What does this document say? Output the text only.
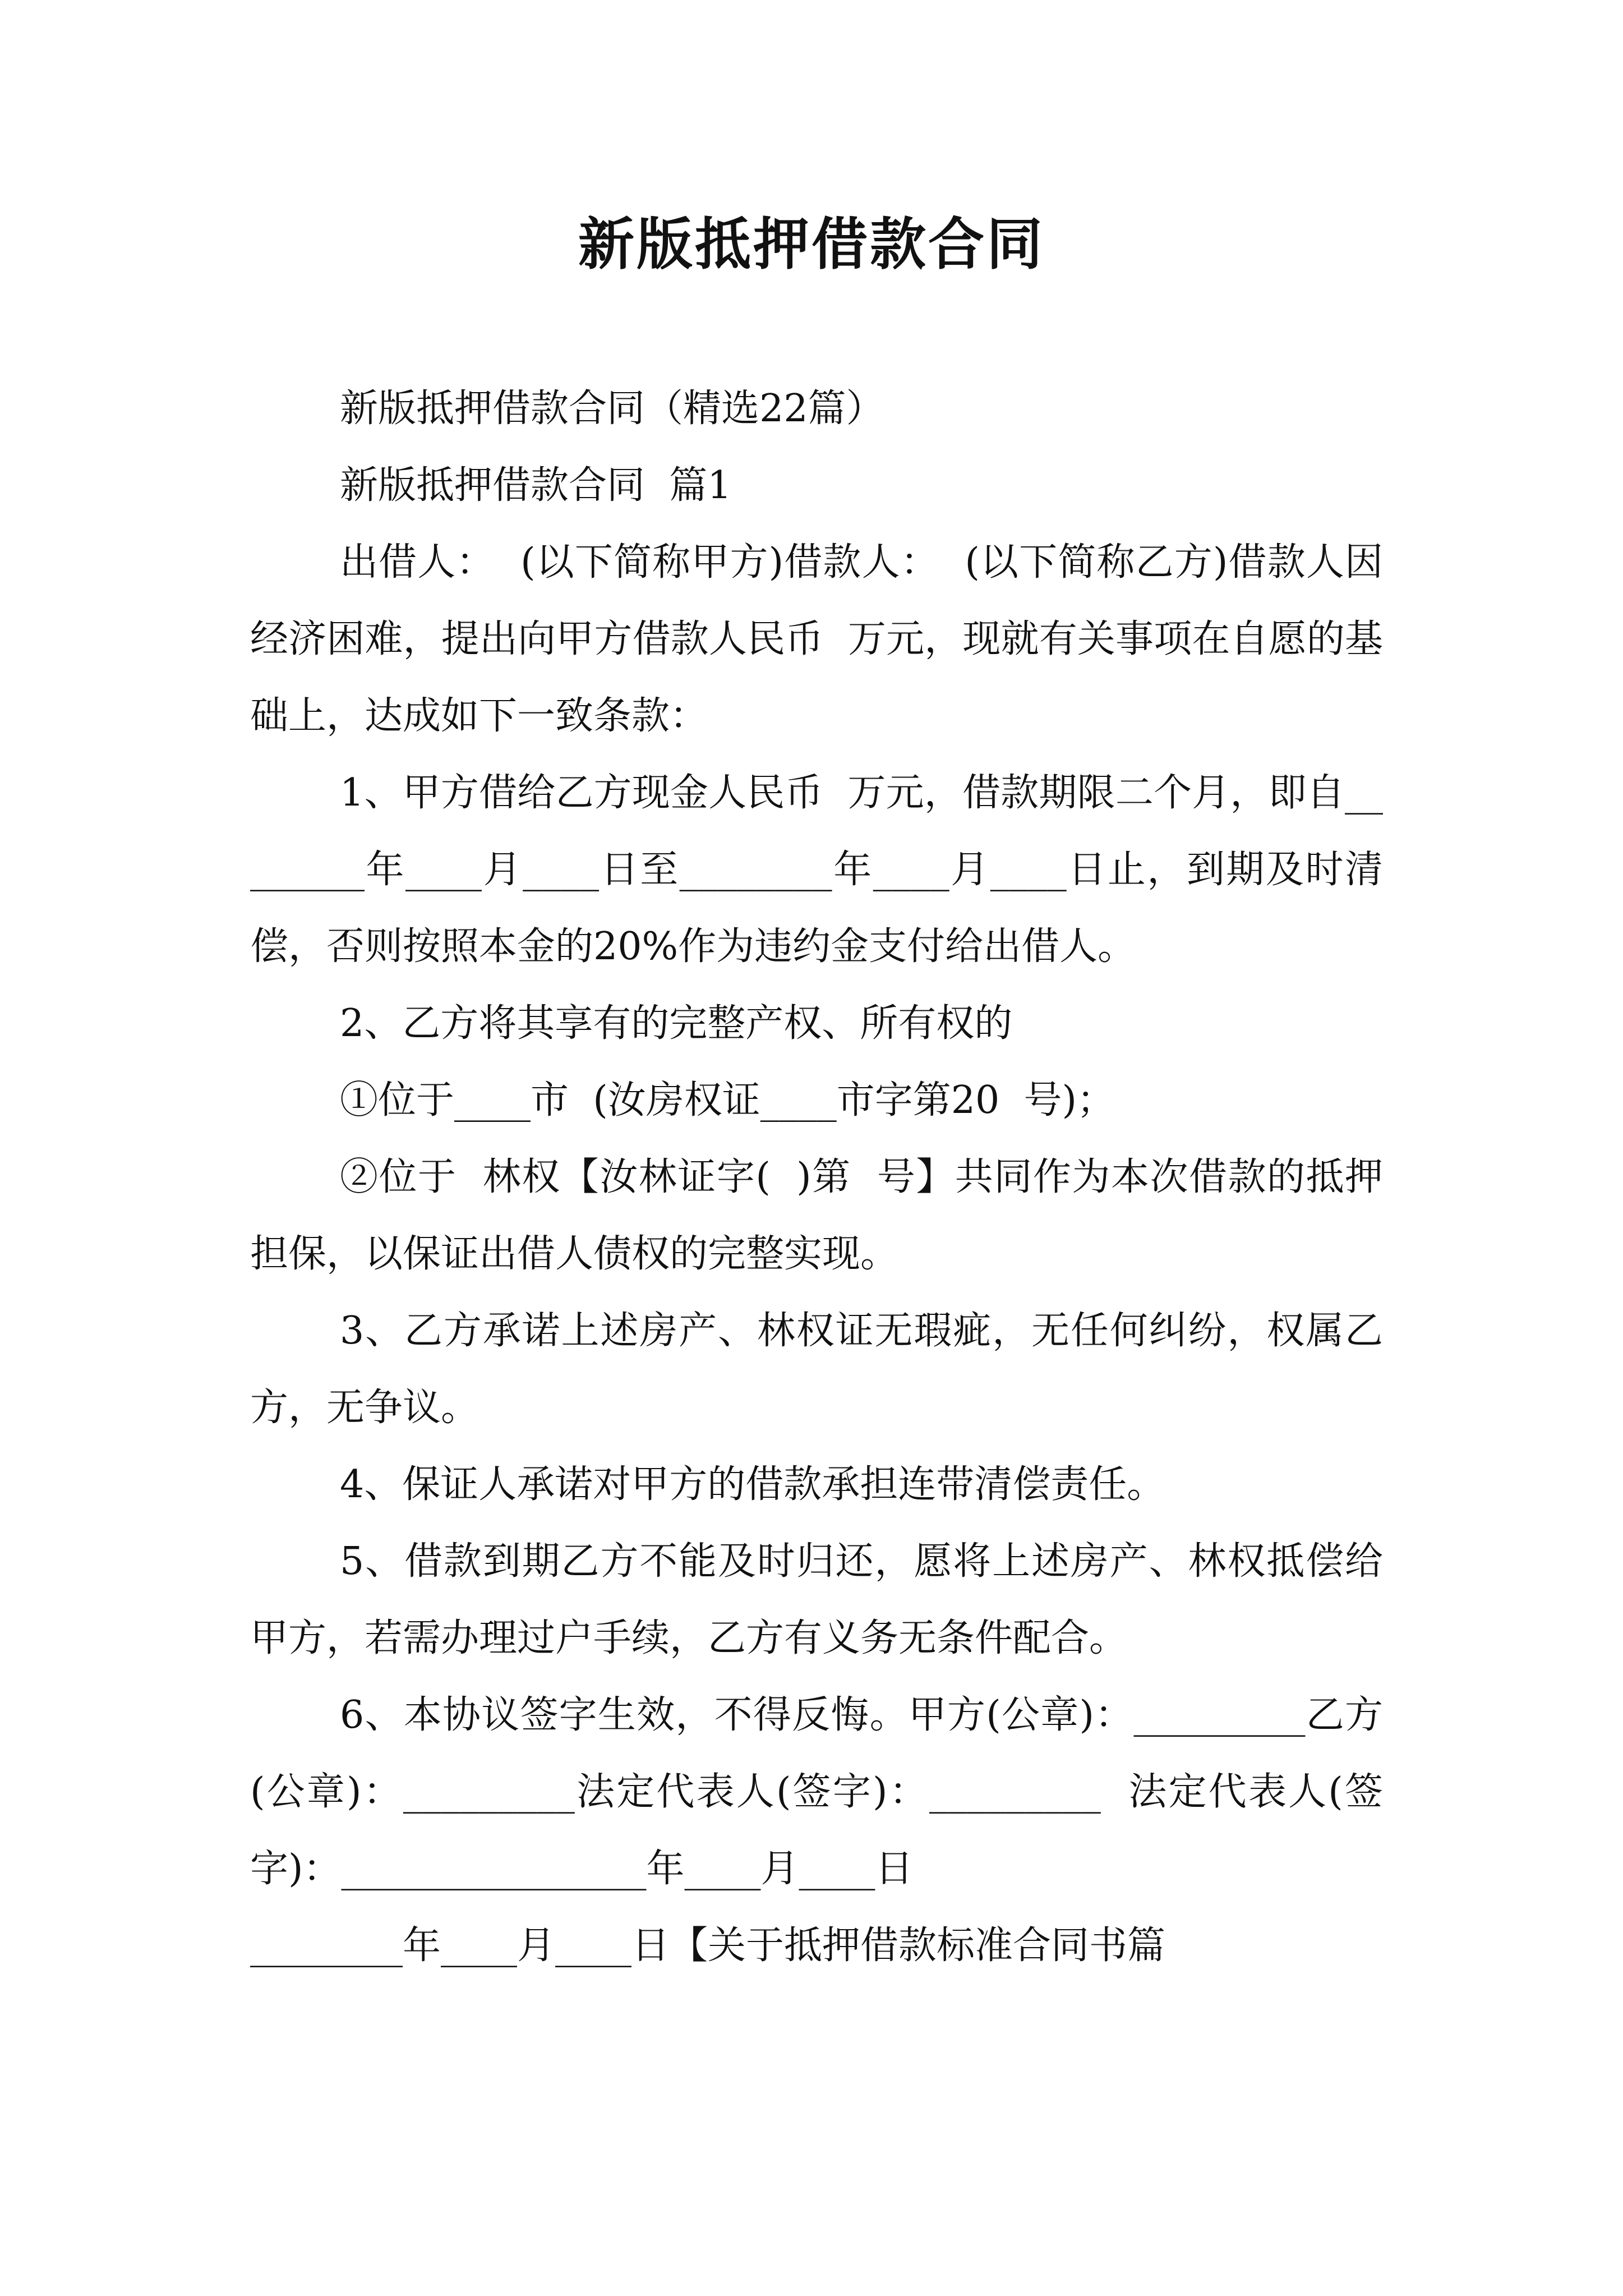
新版抵押借款合同

新版抵押借款合同（精选22篇）

新版抵押借款合同  篇1

出借人：  (以下简称甲方)借款人：  (以下简称乙方)借款人因经济困难，提出向甲方借款人民币  万元，现就有关事项在自愿的基础上，达成如下一致条款：

1、甲方借给乙方现金人民币  万元，借款期限二个月，即自________年____月____日至________年____月____日止，到期及时清偿，否则按照本金的20%作为违约金支付给出借人。

2、乙方将其享有的完整产权、所有权的

①位于____市  (汝房权证____市字第20  号)；

②位于  林权【汝林证字(  )第  号】共同作为本次借款的抵押担保，以保证出借人债权的完整实现。

3、乙方承诺上述房产、林权证无瑕疵，无任何纠纷，权属乙方，无争议。

4、保证人承诺对甲方的借款承担连带清偿责任。

5、借款到期乙方不能及时归还，愿将上述房产、林权抵偿给甲方，若需办理过户手续，乙方有义务无条件配合。

6、本协议签字生效，不得反悔。甲方(公章)：_________乙方(公章)：_________法定代表人(签字)：_________  法定代表人(签字)：________________年____月____日

________年____月____日【关于抵押借款标准合同书篇
